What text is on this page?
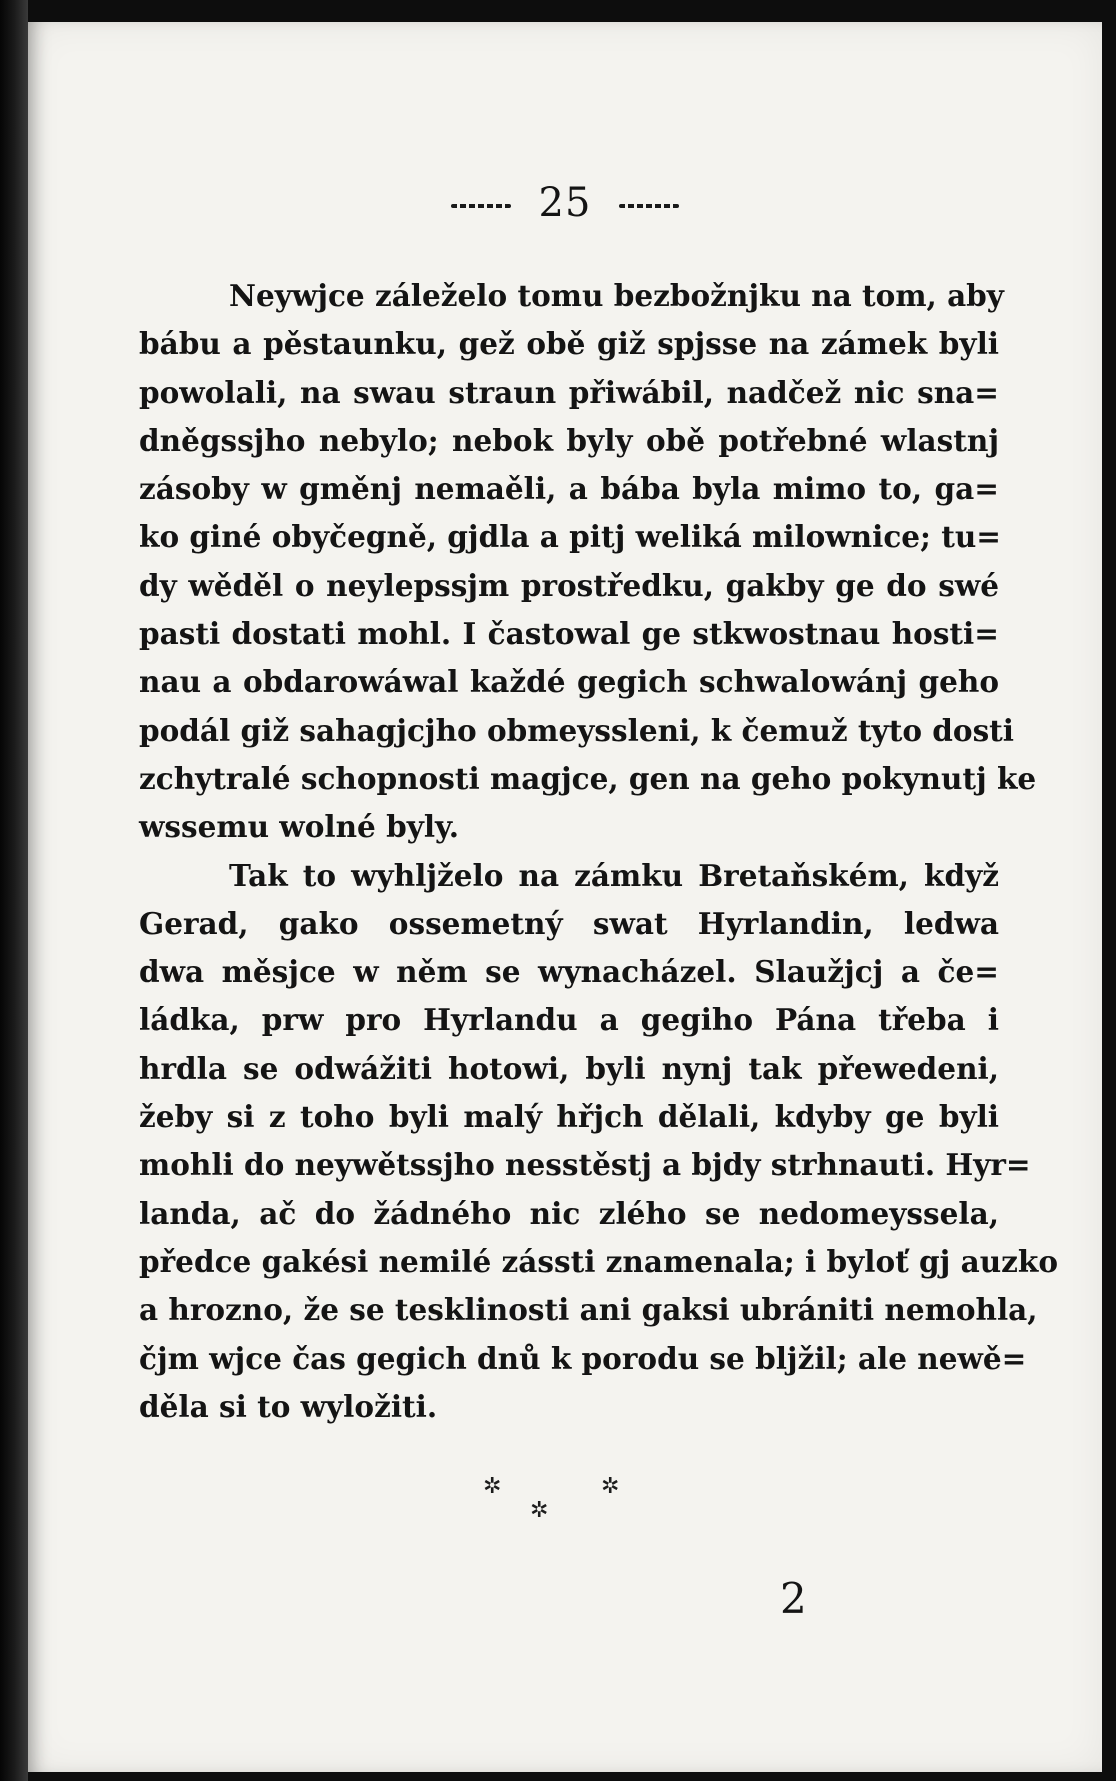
25
Neywjce záleželo tomu bezbožnjku na tom, aby
bábu a pěstaunku, gež obě giž spjsse na zámek byli
powolali, na swau straun přiwábil, nadčež nic sna=
dněgssjho nebylo; nebok byly obě potřebné wlastnj
zásoby w gměnj nemaěli, a bába byla mimo to, ga=
ko giné obyčegně, gjdla a pitj weliká milownice; tu=
dy wěděl o neylepssjm prostředku, gakby ge do swé
pasti dostati mohl. I častowal ge stkwostnau hosti=
nau a obdarowáwal každé gegich schwalowánj geho
podál giž sahagjcjho obmeyssleni, k čemuž tyto dosti
zchytralé schopnosti magjce, gen na geho pokynutj ke
wssemu wolné byly.
Tak to wyhljželo na zámku Bretaňském, když
Gerad, gako ossemetný swat Hyrlandin, ledwa
dwa měsjce w něm se wynacházel. Slaužjcj a če=
ládka, prw pro Hyrlandu a gegiho Pána třeba i
hrdla se odwážiti hotowi, byli nynj tak přewedeni,
žeby si z toho byli malý hřjch dělali, kdyby ge byli
mohli do neywětssjho nesstěstj a bjdy strhnauti. Hyr=
landa, ač do žádného nic zlého se nedomeyssela,
předce gakési nemilé zássti znamenala; i byloť gj auzko
a hrozno, že se tesklinosti ani gaksi ubrániti nemohla,
čjm wjce čas gegich dnů k porodu se bljžil; ale newě=
děla si to wyložiti.
✲
✲
✲
2
